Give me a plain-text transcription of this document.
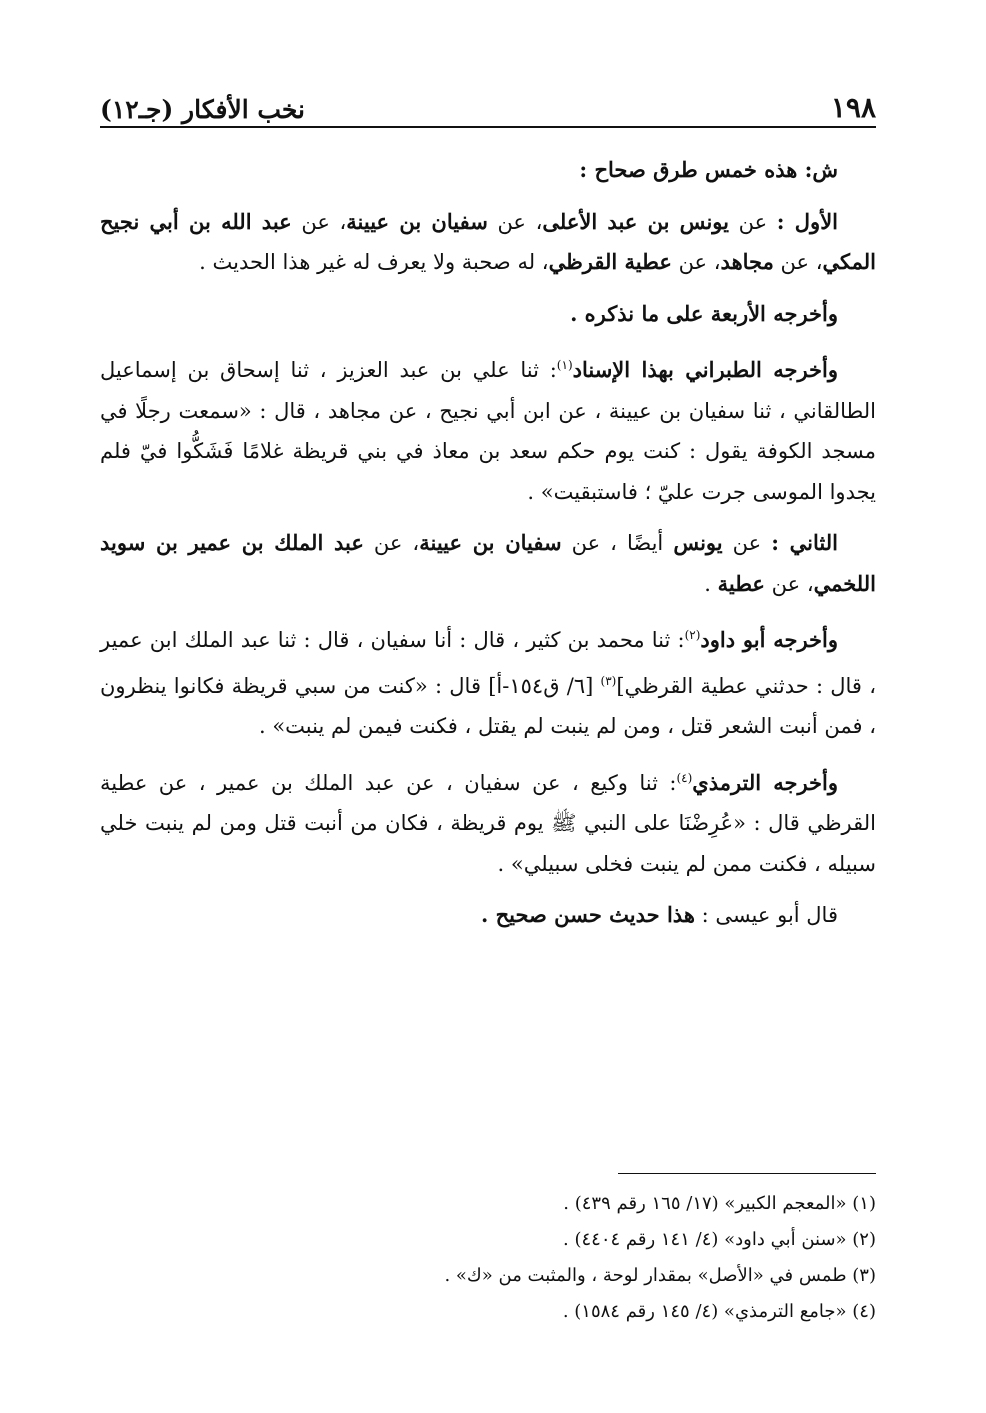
١٩٨
نخب الأفكار (جـ١٢)

ش: هذه خمس طرق صحاح :

الأول : عن يونس بن عبد الأعلى، عن سفيان بن عيينة، عن عبد الله بن أبي نجيح المكي، عن مجاهد، عن عطية القرظي، له صحبة ولا يعرف له غير هذا الحديث .

وأخرجه الأربعة على ما نذكره .

وأخرجه الطبراني بهذا الإسناد$^{(١)}$: ثنا علي بن عبد العزيز ، ثنا إسحاق بن إسماعيل الطالقاني ، ثنا سفيان بن عيينة ، عن ابن أبي نجيح ، عن مجاهد ، قال : «سمعت رجلًا في مسجد الكوفة يقول : كنت يوم حكم سعد بن معاذ في بني قريظة غلامًا فَشَكُّوا فيّ فلم يجدوا الموسى جرت عليّ ؛ فاستبقيت» .

الثاني : عن يونس أيضًا ، عن سفيان بن عيينة، عن عبد الملك بن عمير بن سويد اللخمي، عن عطية .

وأخرجه أبو داود$^{(٢)}$: ثنا محمد بن كثير ، قال : أنا سفيان ، قال : ثنا عبد الملك ابن عمير ، قال : حدثني عطية القرظي]$^{(٣)}$ [٦/ ق١٥٤-أ] قال : «كنت من سبي قريظة فكانوا ينظرون ، فمن أنبت الشعر قتل ، ومن لم ينبت لم يقتل ، فكنت فيمن لم ينبت» .

وأخرجه الترمذي$^{(٤)}$: ثنا وكيع ، عن سفيان ، عن عبد الملك بن عمير ، عن عطية القرظي قال : «عُرِضْنَا على النبي ﷺ يوم قريظة ، فكان من أنبت قتل ومن لم ينبت خلي سبيله ، فكنت ممن لم ينبت فخلى سبيلي» .

قال أبو عيسى : هذا حديث حسن صحيح .

(١) «المعجم الكبير» (١٧/ ١٦٥ رقم ٤٣٩) .

(٢) «سنن أبي داود» (٤/ ١٤١ رقم ٤٤٠٤) .

(٣) طمس في «الأصل» بمقدار لوحة ، والمثبت من «ك» .

(٤) «جامع الترمذي» (٤/ ١٤٥ رقم ١٥٨٤) .
